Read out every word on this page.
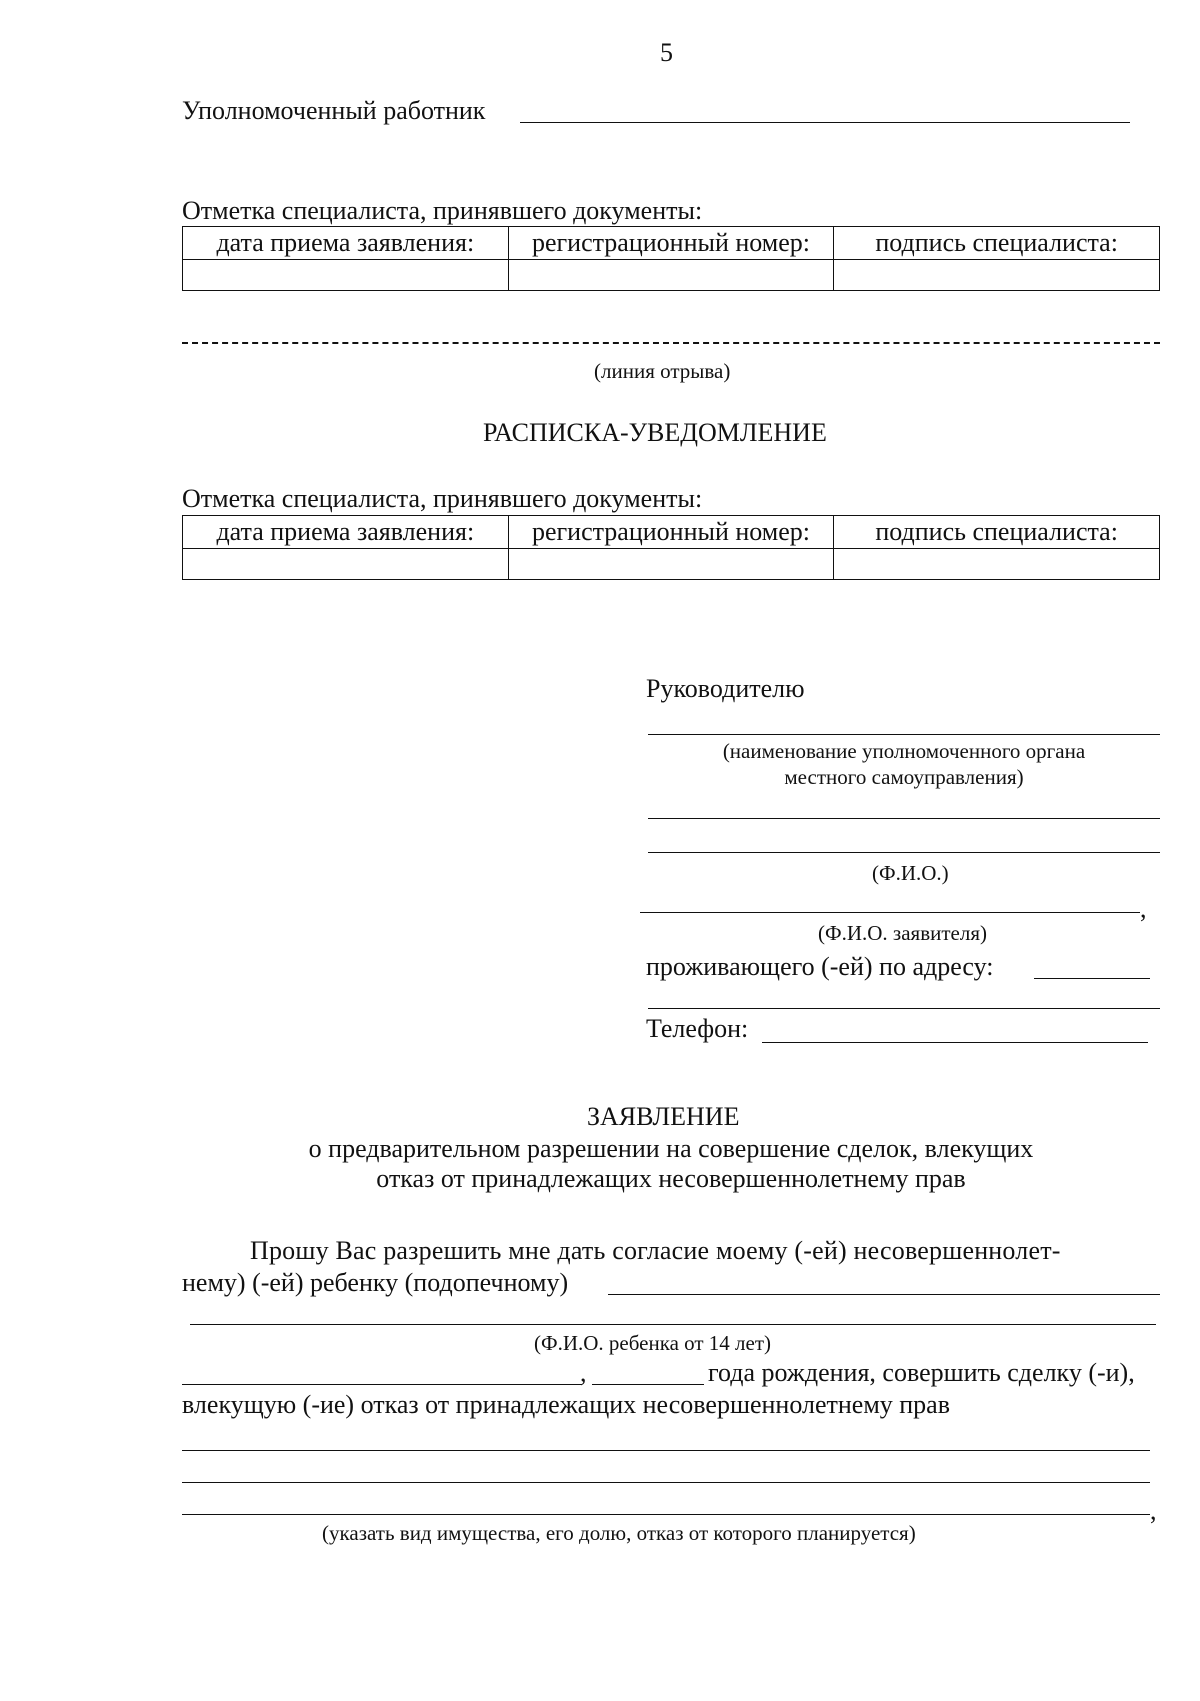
5
Уполномоченный работник
Отметка специалиста, принявшего документы:
дата приема заявления:	регистрационный номер:	подпись специалиста:

(линия отрыва)
РАСПИСКА-УВЕДОМЛЕНИЕ
Отметка специалиста, принявшего документы:
дата приема заявления:	регистрационный номер:	подпись специалиста:

Руководителю
(наименование уполномоченного органа
местного самоуправления)
(Ф.И.О.)
,
(Ф.И.О. заявителя)
проживающего (-ей) по адресу:
Телефон:
ЗАЯВЛЕНИЕ
о предварительном разрешении на совершение сделок, влекущих
отказ от принадлежащих несовершеннолетнему прав
Прошу Вас разрешить мне дать согласие моему (-ей) несовершеннолет-
нему) (-ей) ребенку (подопечному)
(Ф.И.О. ребенка от 14 лет)
,	года рождения, совершить сделку (-и),
влекущую (-ие) отказ от принадлежащих несовершеннолетнему прав
,
(указать вид имущества, его долю, отказ от которого планируется)
